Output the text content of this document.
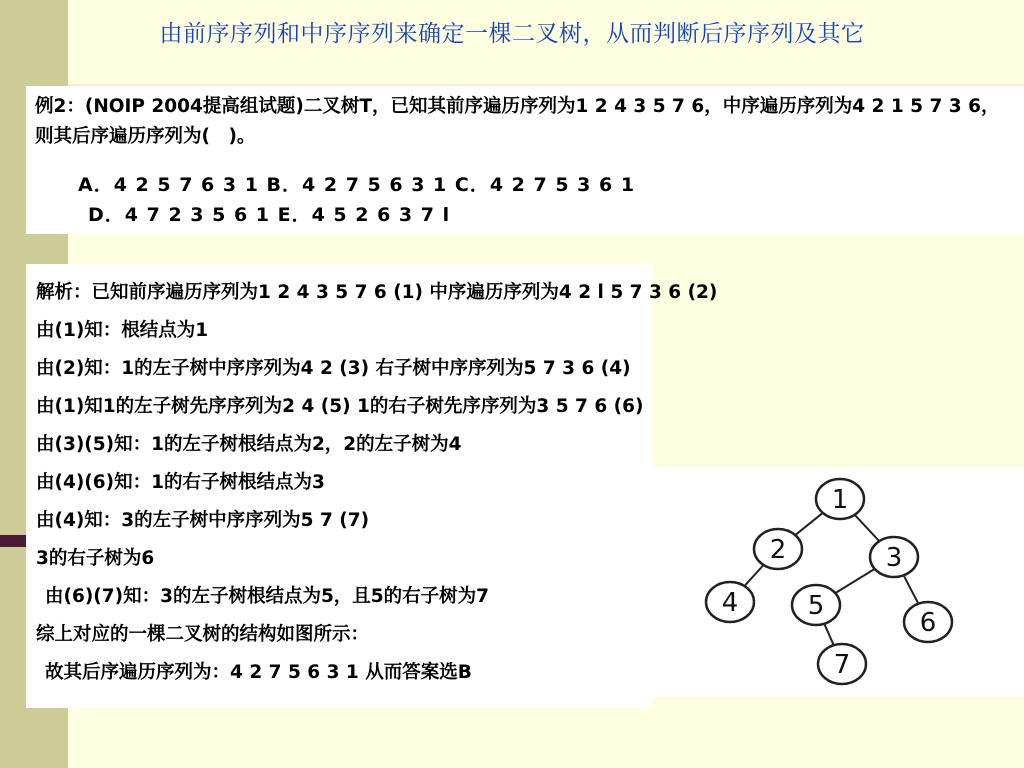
由前序序列和中序序列来确定一棵二叉树，从而判断后序序列及其它

例2：(NOIP 2004提高组试题)二叉树T，已知其前序遍历序列为1 2 4 3 5 7 6，中序遍历序列为4 2 1 5 7 3 6，则其后序遍历序列为(　)。

A．4 2 5 7 6 3 1 B．4 2 7 5 6 3 1 C．4 2 7 5 3 6 1

D．4 7 2 3 5 6 1 E．4 5 2 6 3 7 l

解析：已知前序遍历序列为1 2 4 3 5 7 6 (1) 中序遍历序列为4 2 l 5 7 3 6 (2)
由(1)知：根结点为1
由(2)知：1的左子树中序序列为4 2 (3) 右子树中序序列为5 7 3 6 (4)
由(1)知1的左子树先序序列为2 4 (5) 1的右子树先序序列为3 5 7 6 (6)
由(3)(5)知：1的左子树根结点为2，2的左子树为4
由(4)(6)知：1的右子树根结点为3
由(4)知：3的左子树中序序列为5 7 (7)
3的右子树为6
由(6)(7)知：3的左子树根结点为5，且5的右子树为7
综上对应的一棵二叉树的结构如图所示：
故其后序遍历序列为：4 2 7 5 6 3 1 从而答案选B
1
2	3
4	5
6
7
